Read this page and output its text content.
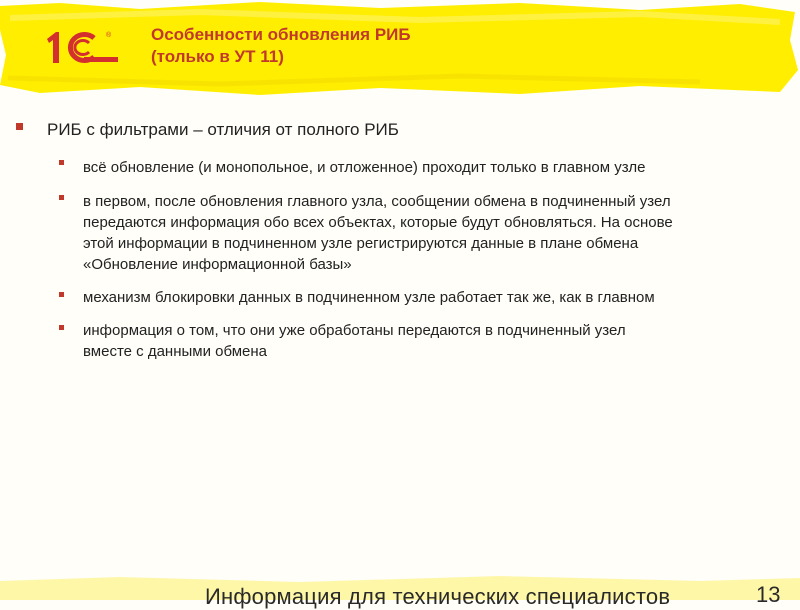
® Особенности обновления РИБ
(только в УТ 11)
РИБ с фильтрами – отличия от полного РИБ
всё обновление (и монопольное, и отложенное) проходит только в главном узле
в первом, после обновления главного узла, сообщении обмена в подчиненный узел
передаются информация обо всех объектах, которые будут обновляться. На основе
этой информации в подчиненном узле регистрируются данные в плане обмена
«Обновление информационной базы»
механизм блокировки данных в подчиненном узле работает так же, как в главном
информация о том, что они уже обработаны передаются в подчиненный узел
вместе с данными обмена
Информация для технических специалистов	13
